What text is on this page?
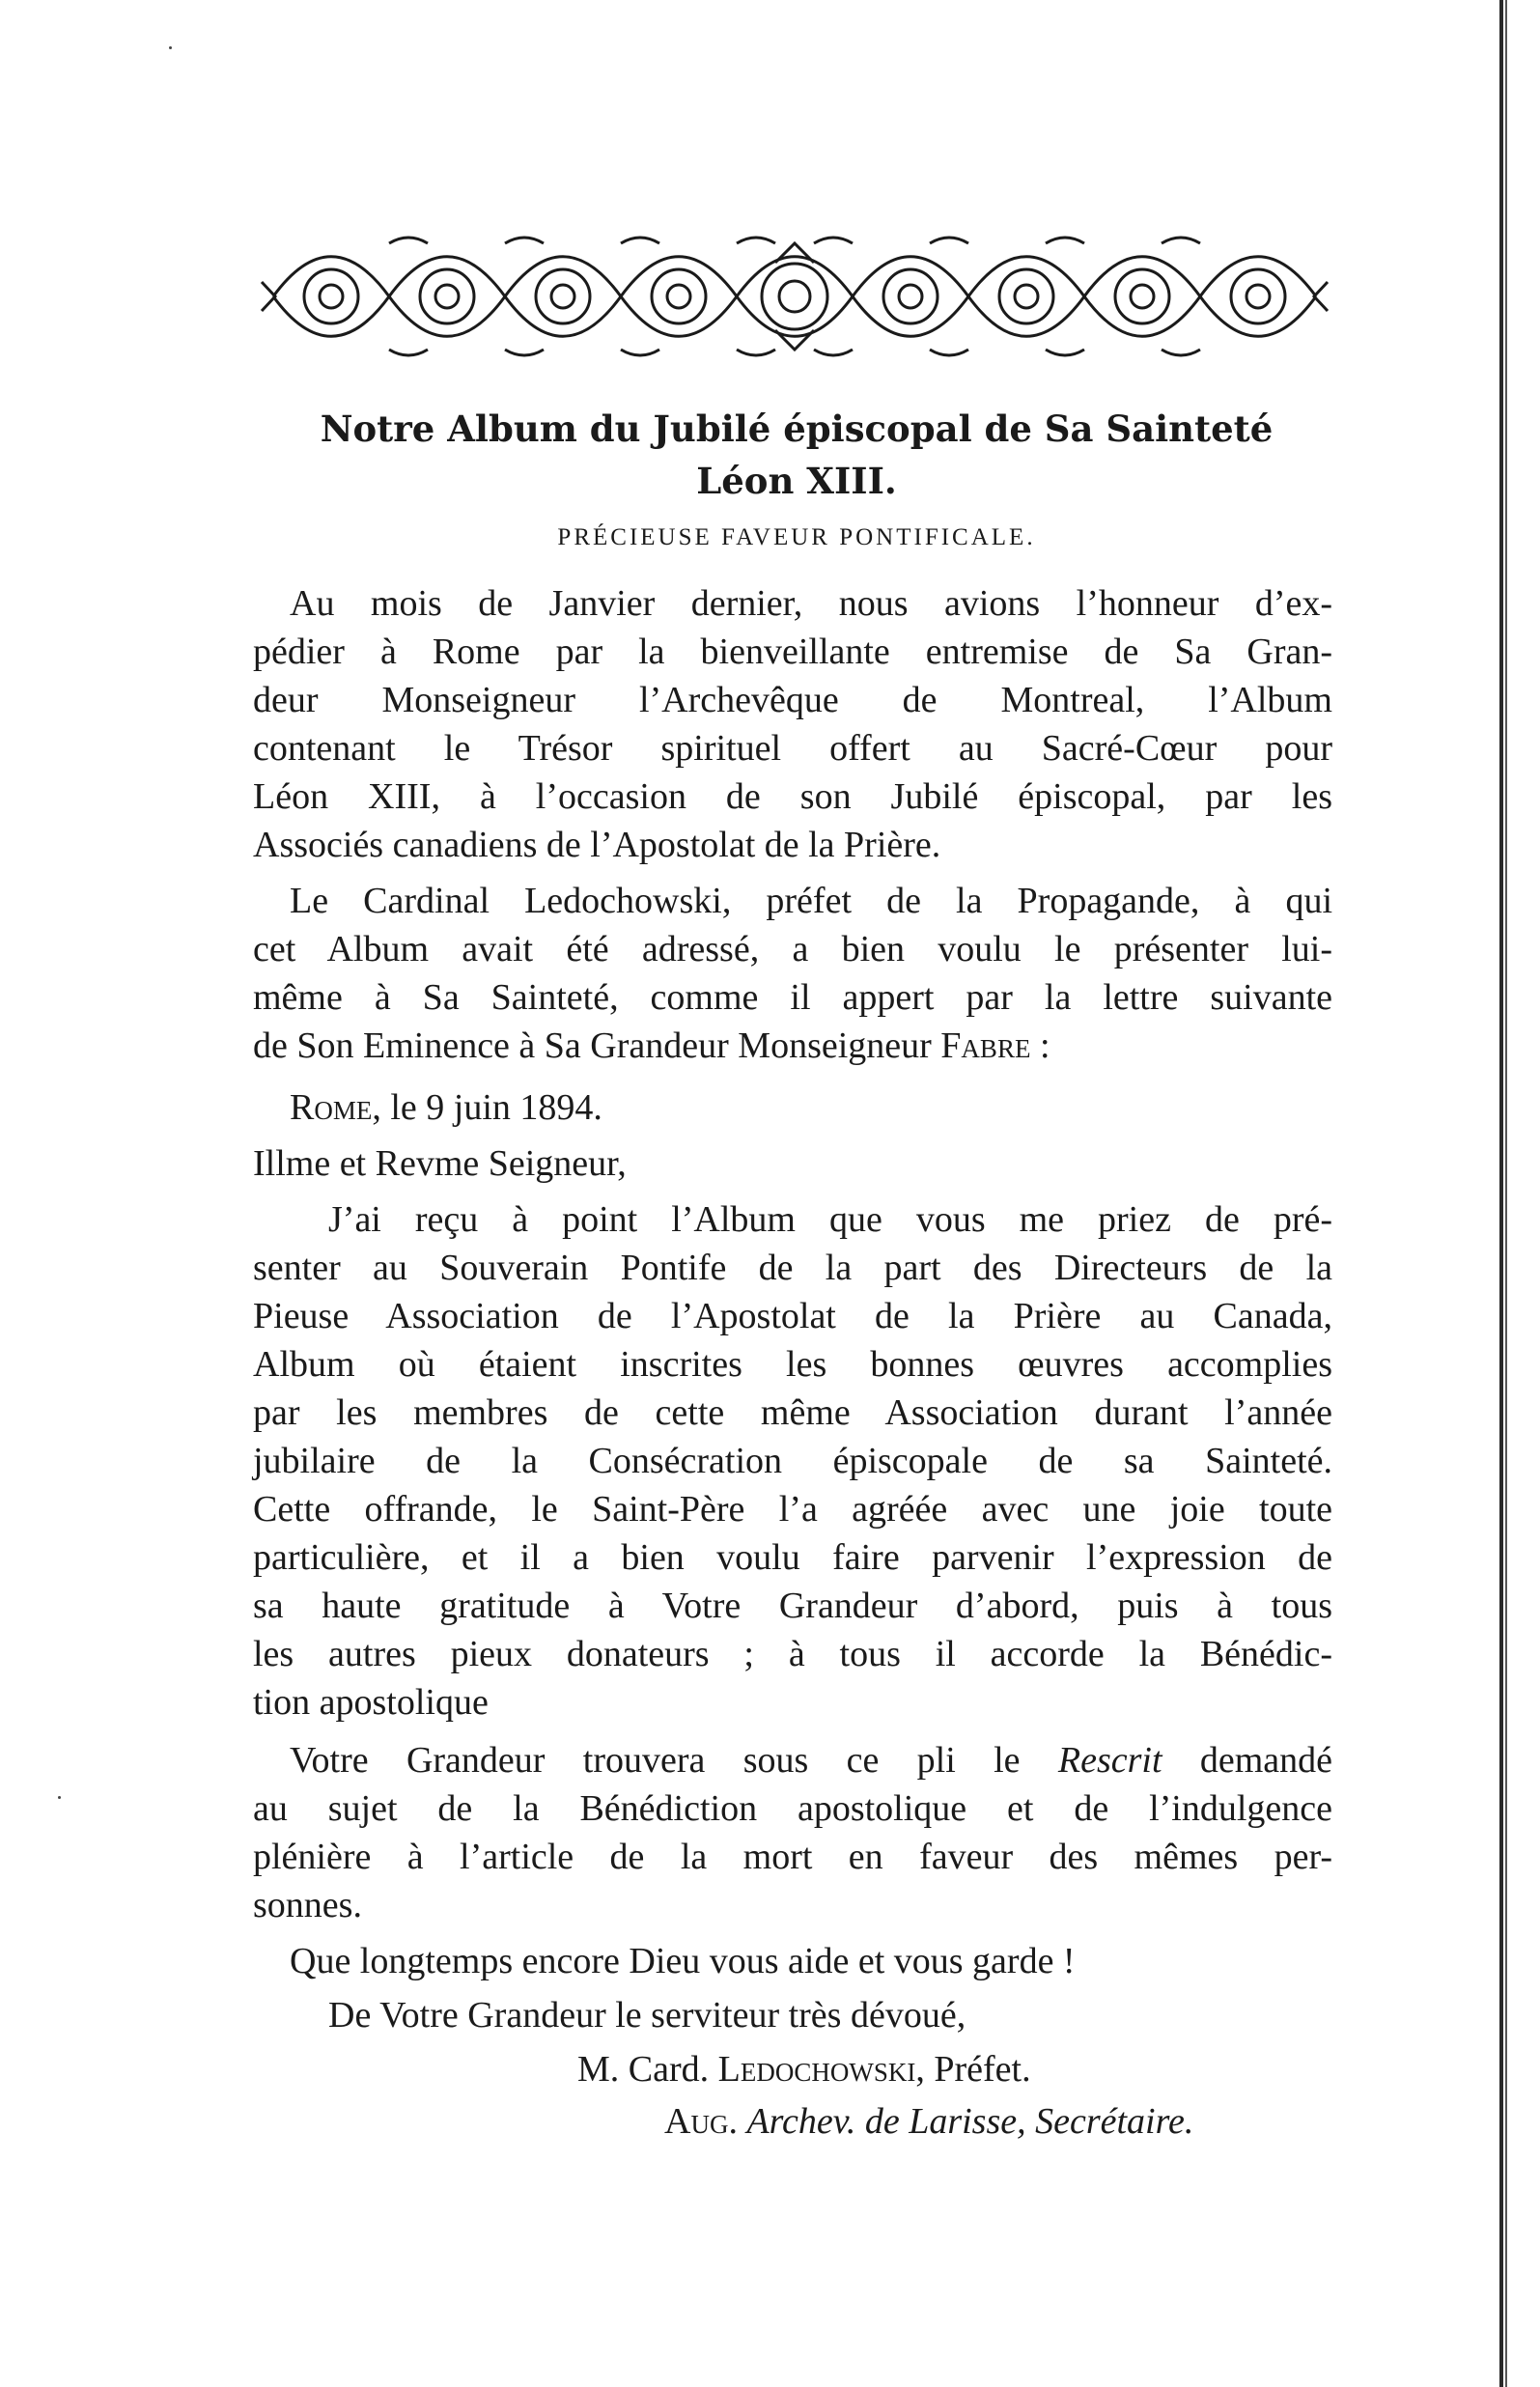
Notre Album du Jubilé épiscopal de Sa Sainteté
Léon XIII.
PRÉCIEUSE FAVEUR PONTIFICALE.
Au mois de Janvier dernier, nous avions l’honneur d’ex-
pédier à Rome par la bienveillante entremise de Sa Gran-
deur Monseigneur l’Archevêque de Montreal, l’Album
contenant le Trésor spirituel offert au Sacré-Cœur pour
Léon XIII, à l’occasion de son Jubilé épiscopal, par les
Associés canadiens de l’Apostolat de la Prière.
Le Cardinal Ledochowski, préfet de la Propagande, à qui
cet Album avait été adressé, a bien voulu le présenter lui-
même à Sa Sainteté, comme il appert par la lettre suivante
de Son Eminence à Sa Grandeur Monseigneur Fabre :
Rome, le 9 juin 1894.
Illme et Revme Seigneur,
J’ai reçu à point l’Album que vous me priez de pré-
senter au Souverain Pontife de la part des Directeurs de la
Pieuse Association de l’Apostolat de la Prière au Canada,
Album où étaient inscrites les bonnes œuvres accomplies
par les membres de cette même Association durant l’année
jubilaire de la Consécration épiscopale de sa Sainteté.
Cette offrande, le Saint-Père l’a agréée avec une joie toute
particulière, et il a bien voulu faire parvenir l’expression de
sa haute gratitude à Votre Grandeur d’abord, puis à tous
les autres pieux donateurs ; à tous il accorde la Bénédic-
tion apostolique
Votre Grandeur trouvera sous ce pli le Rescrit demandé
au sujet de la Bénédiction apostolique et de l’indulgence
plénière à l’article de la mort en faveur des mêmes per-
sonnes.
Que longtemps encore Dieu vous aide et vous garde !
De Votre Grandeur le serviteur très dévoué,
M. Card. Ledochowski, Préfet.
Aug. Archev. de Larisse, Secrétaire.
